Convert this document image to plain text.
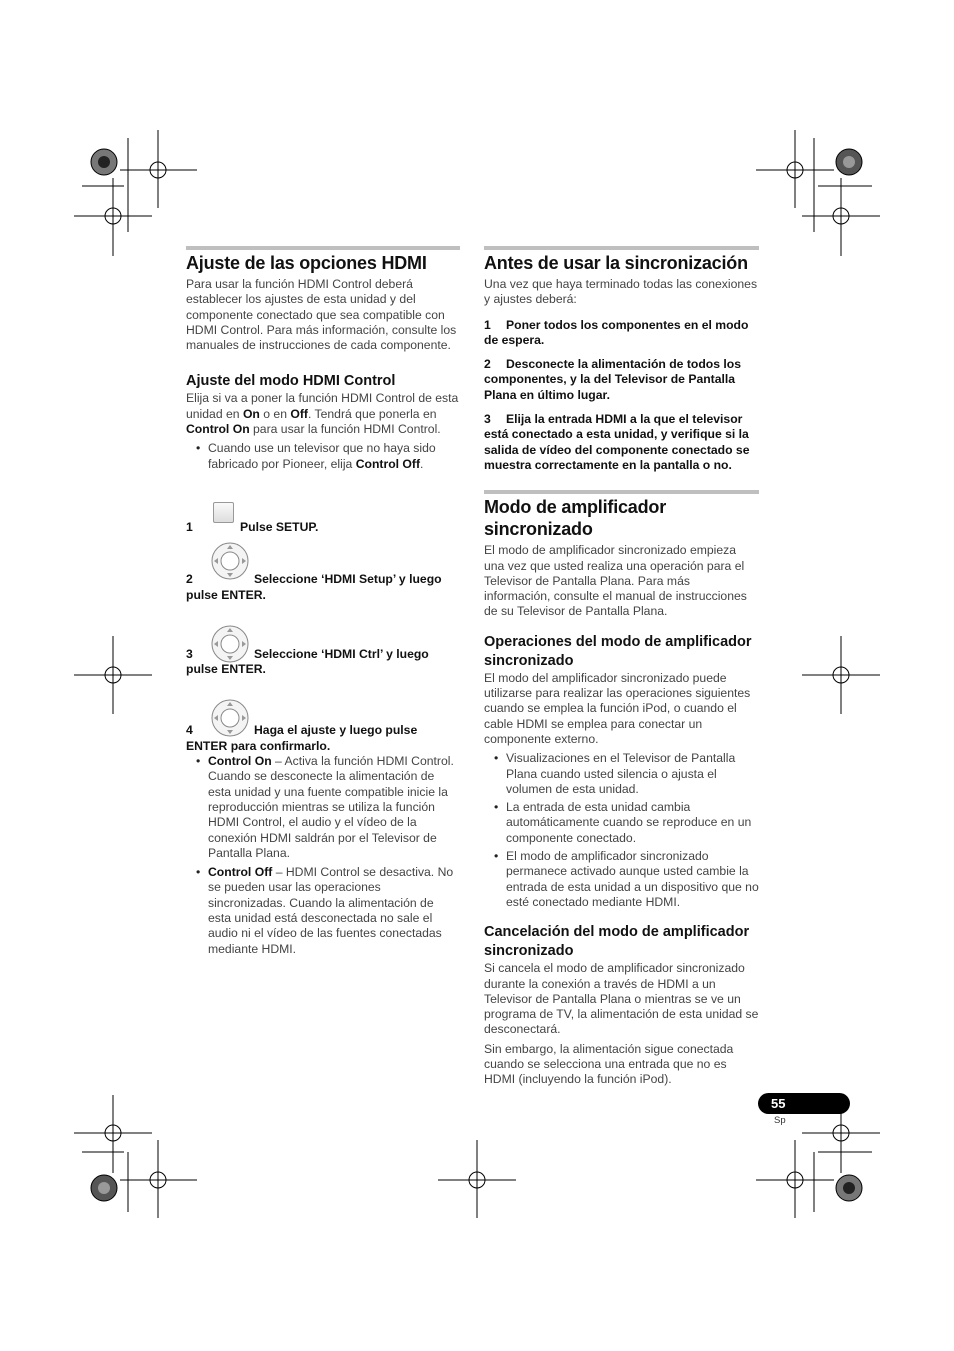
Ajuste de las opciones HDMI

Para usar la función HDMI Control deberá establecer los ajustes de esta unidad y del componente conectado que sea compatible con HDMI Control. Para más información, consulte los manuales de instrucciones de cada componente.

Ajuste del modo HDMI Control

Elija si va a poner la función HDMI Control de esta unidad en On o en Off. Tendrá que ponerla en Control On para usar la función HDMI Control.

• Cuando use un televisor que no haya sido fabricado por Pioneer, elija Control Off.
1	Pulse SETUP.
2	Seleccione ‘HDMI Setup’ y luego pulse ENTER.
3	Seleccione ‘HDMI Ctrl’ y luego pulse ENTER.
4	Haga el ajuste y luego pulse ENTER para confirmarlo.
• Control On – Activa la función HDMI Control. Cuando se desconecte la alimentación de esta unidad y una fuente compatible inicie la reproducción mientras se utiliza la función HDMI Control, el audio y el vídeo de la conexión HDMI saldrán por el Televisor de Pantalla Plana.
• Control Off – HDMI Control se desactiva. No se pueden usar las operaciones sincronizadas. Cuando la alimentación de esta unidad está desconectada no sale el audio ni el vídeo de las fuentes conectadas mediante HDMI.
Antes de usar la sincronización

Una vez que haya terminado todas las conexiones y ajustes deberá:

1 Poner todos los componentes en el modo de espera.
2 Desconecte la alimentación de todos los componentes, y la del Televisor de Pantalla Plana en último lugar.
3 Elija la entrada HDMI a la que el televisor está conectado a esta unidad, y verifique si la salida de vídeo del componente conectado se muestra correctamente en la pantalla o no.
Modo de amplificador sincronizado

El modo de amplificador sincronizado empieza una vez que usted realiza una operación para el Televisor de Pantalla Plana. Para más información, consulte el manual de instrucciones de su Televisor de Pantalla Plana.

Operaciones del modo de amplificador sincronizado

El modo del amplificador sincronizado puede utilizarse para realizar las operaciones siguientes cuando se emplea la función iPod, o cuando el cable HDMI se emplea para conectar un componente externo.

• Visualizaciones en el Televisor de Pantalla Plana cuando usted silencia o ajusta el volumen de esta unidad.
• La entrada de esta unidad cambia automáticamente cuando se reproduce en un componente conectado.
• El modo de amplificador sincronizado permanece activado aunque usted cambie la entrada de esta unidad a un dispositivo que no esté conectado mediante HDMI.
Cancelación del modo de amplificador sincronizado

Si cancela el modo de amplificador sincronizado durante la conexión a través de HDMI a un Televisor de Pantalla Plana o mientras se ve un programa de TV, la alimentación de esta unidad se desconectará.

Sin embargo, la alimentación sigue conectada cuando se selecciona una entrada que no es HDMI (incluyendo la función iPod).

55
Sp
